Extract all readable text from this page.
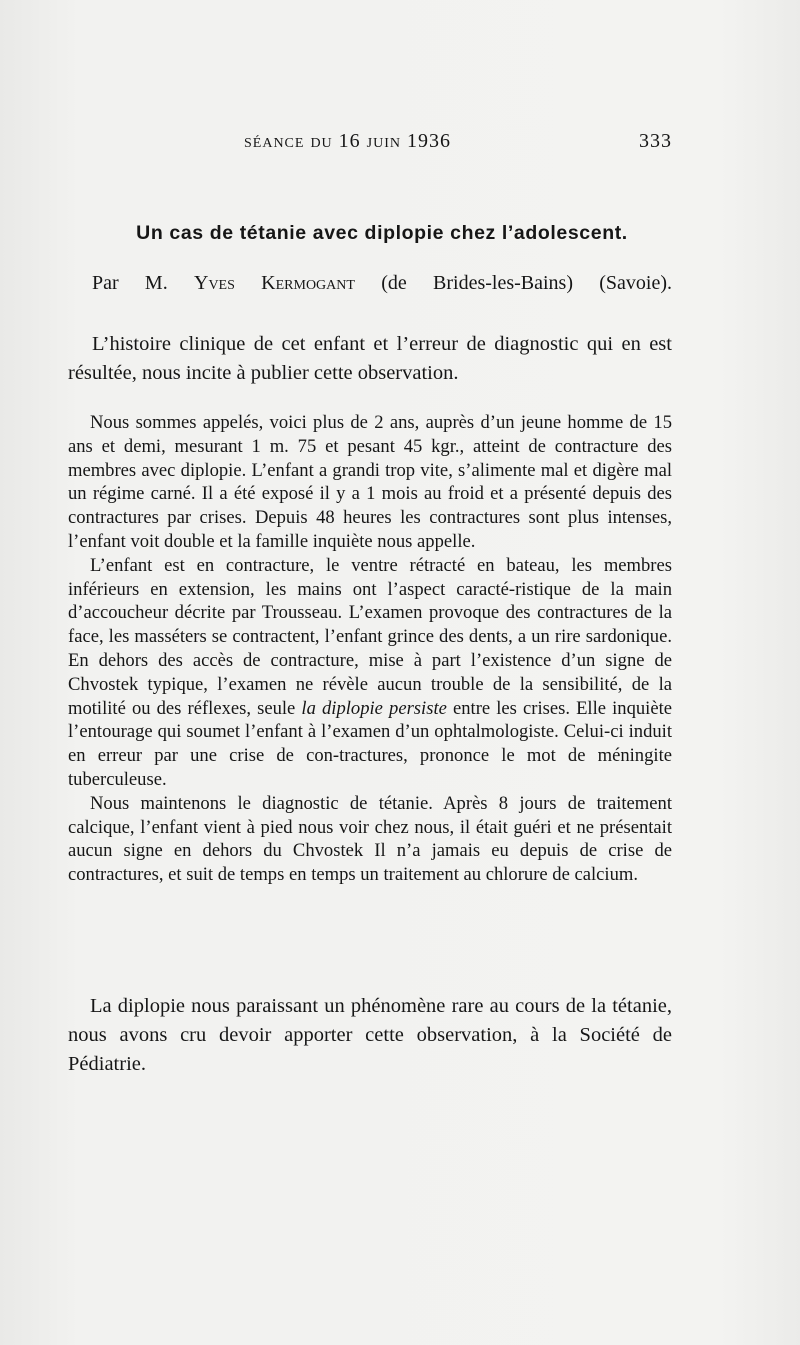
séance du 16 juin 1936	333
Un cas de tétanie avec diplopie chez l’adolescent.
Par M. Yves Kermogant (de Brides-les-Bains) (Savoie).

L’histoire clinique de cet enfant et l’erreur de diagnostic qui en est résultée, nous incite à publier cette observation.

Nous sommes appelés, voici plus de 2 ans, auprès d’un jeune homme de 15 ans et demi, mesurant 1 m. 75 et pesant 45 kgr., atteint de contracture des membres avec diplopie. L’enfant a grandi trop vite, s’alimente mal et digère mal un régime carné. Il a été exposé il y a 1 mois au froid et a présenté depuis des contractures par crises. Depuis 48 heures les contractures sont plus intenses, l’enfant voit double et la famille inquiète nous appelle.

L’enfant est en contracture, le ventre rétracté en bateau, les membres inférieurs en extension, les mains ont l’aspect caracté-ristique de la main d’accoucheur décrite par Trousseau. L’examen provoque des contractures de la face, les masséters se contractent, l’enfant grince des dents, a un rire sardonique. En dehors des accès de contracture, mise à part l’existence d’un signe de Chvostek typique, l’examen ne révèle aucun trouble de la sensibilité, de la motilité ou des réflexes, seule la diplopie persiste entre les crises. Elle inquiète l’entourage qui soumet l’enfant à l’examen d’un ophtalmologiste. Celui-ci induit en erreur par une crise de con-tractures, prononce le mot de méningite tuberculeuse.

Nous maintenons le diagnostic de tétanie. Après 8 jours de traitement calcique, l’enfant vient à pied nous voir chez nous, il était guéri et ne présentait aucun signe en dehors du Chvostek Il n’a jamais eu depuis de crise de contractures, et suit de temps en temps un traitement au chlorure de calcium.

La diplopie nous paraissant un phénomène rare au cours de la tétanie, nous avons cru devoir apporter cette observation, à la Société de Pédiatrie.
